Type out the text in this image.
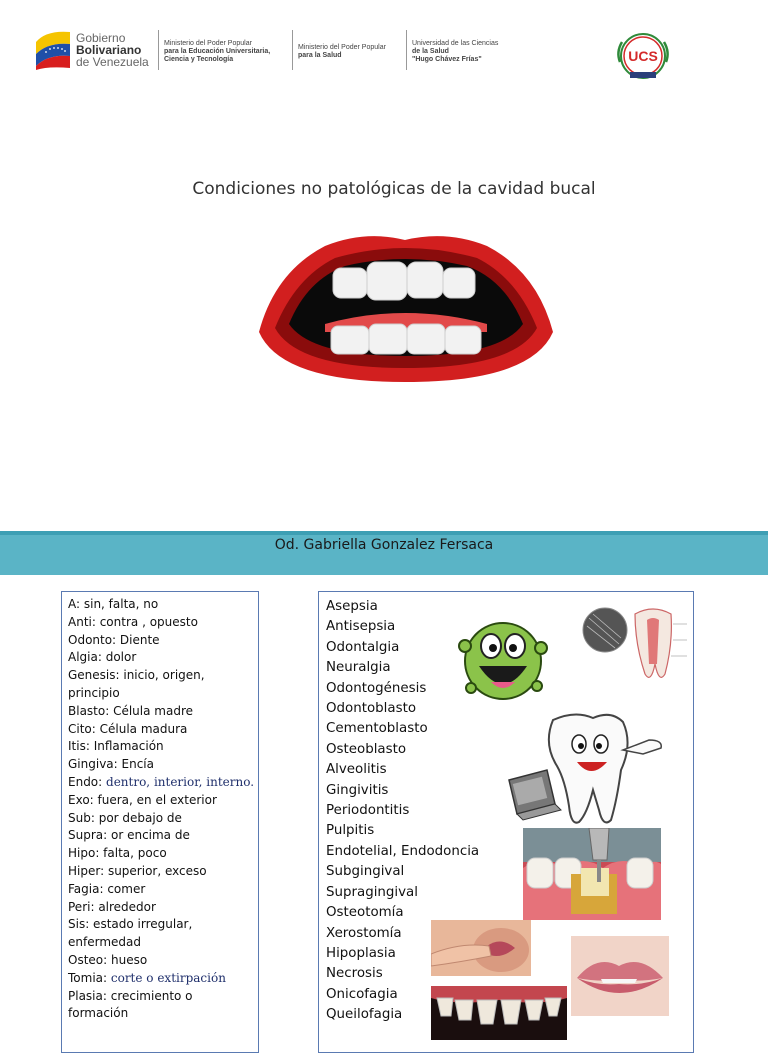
Gobierno
Bolivariano
de Venezuela
Ministerio del Poder Popular
para la Educación Universitaria,
Ciencia y Tecnología
Ministerio del Poder Popular
para la Salud
Universidad de las Ciencias
de la Salud
"Hugo Chávez Frías"	UCS
Condiciones no patológicas de la cavidad bucal
Od. Gabriella Gonzalez Fersaca
A: sin, falta, no
Anti: contra , opuesto
Odonto: Diente
Algia: dolor
Genesis: inicio, origen,
principio
Blasto: Célula madre
Cito: Célula madura
Itis: Inflamación
Gingiva: Encía
Endo: dentro, interior, interno.
Exo: fuera, en el exterior
Sub: por debajo de
Supra: or encima de
Hipo: falta, poco
Hiper: superior, exceso
Fagia: comer
Peri: alrededor
Sis: estado irregular,
enfermedad
Osteo: hueso
Tomia: corte o extirpación
Plasia: crecimiento o
formación
Asepsia
Antisepsia
Odontalgia
Neuralgia
Odontogénesis
Odontoblasto
Cementoblasto
Osteoblasto
Alveolitis
Gingivitis
Periodontitis
Pulpitis
Endotelial, Endodoncia
Subgingival
Supragingival
Osteotomía
Xerostomía
Hipoplasia
Necrosis
Onicofagia
Queilofagia
